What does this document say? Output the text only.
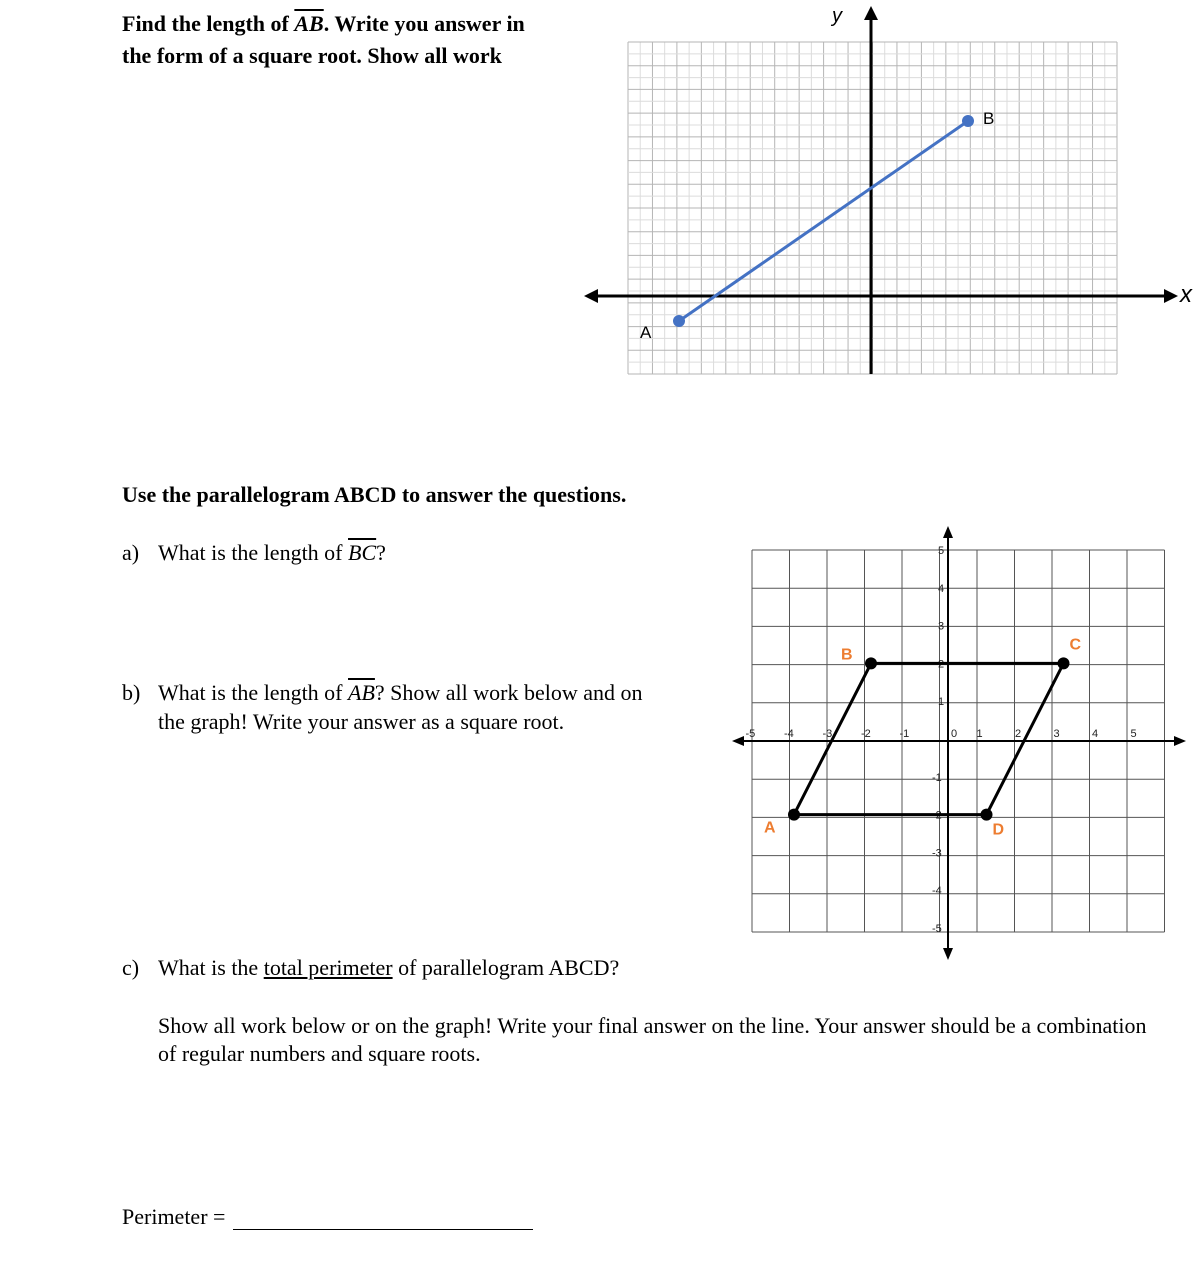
Find the length of $\overline{AB}$. Write you answer in
the form of a square root. Show all work
y
x
A
B
Use the parallelogram ABCD to answer the questions.
a) What is the length of $\overline{BC}$?
b) What is the length of $\overline{AB}$? Show all work below and on
the graph! Write your answer as a square root.	-5	-4	-3	-2	-1	0 1	2	3	4	5
1
2
3
4
5
-1
-2
-3
-4
-5
A
B
C
D
c) What is the total perimeter of parallelogram ABCD?
Show all work below or on the graph! Write your final answer on the line. Your answer should be a combination of regular numbers and square roots.
Perimeter =
